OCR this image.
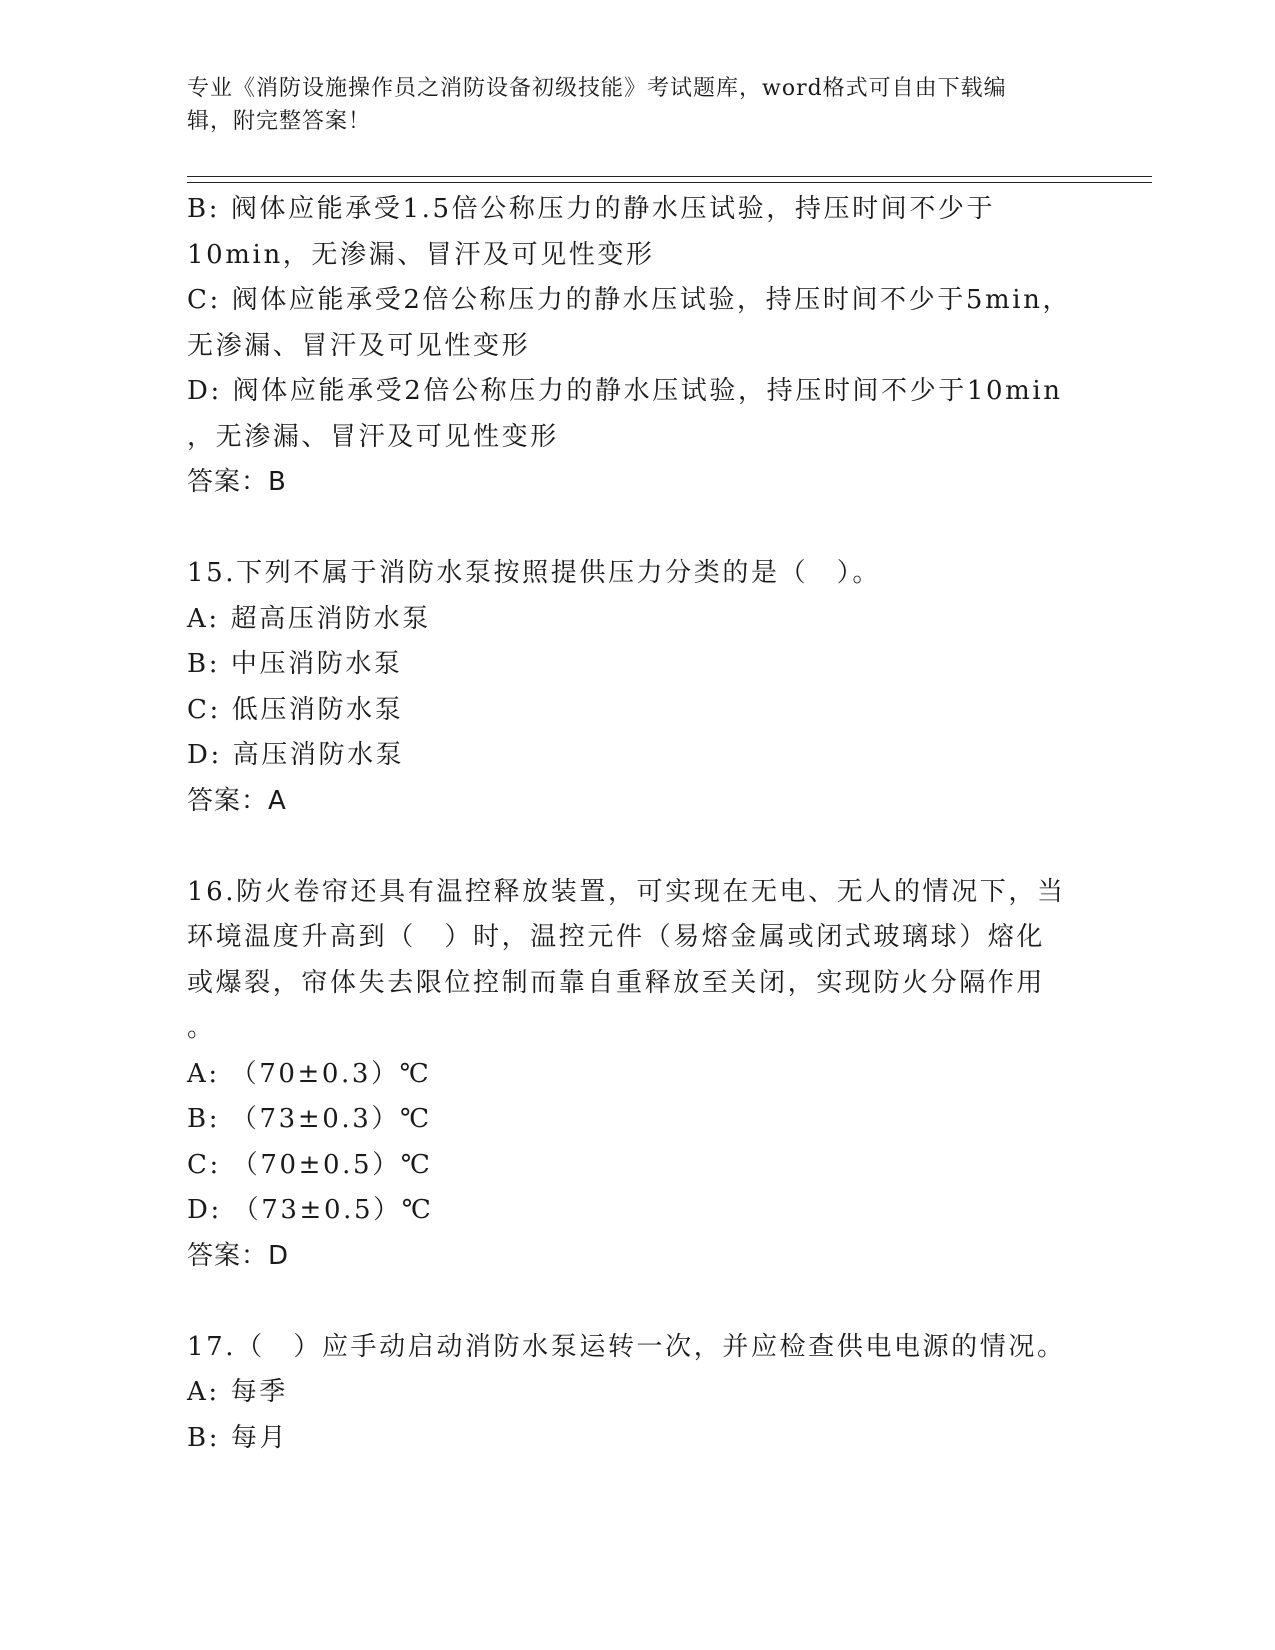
专业《消防设施操作员之消防设备初级技能》考试题库，word格式可自由下载编
辑，附完整答案！
B: 阀体应能承受1.5倍公称压力的静水压试验，持压时间不少于
10min，无渗漏、冒汗及可见性变形
C: 阀体应能承受2倍公称压力的静水压试验，持压时间不少于5min，
无渗漏、冒汗及可见性变形
D: 阀体应能承受2倍公称压力的静水压试验，持压时间不少于10min
，无渗漏、冒汗及可见性变形
答案：B
15.下列不属于消防水泵按照提供压力分类的是（　）。
A: 超高压消防水泵
B: 中压消防水泵
C: 低压消防水泵
D: 高压消防水泵
答案：A
16.防火卷帘还具有温控释放装置，可实现在无电、无人的情况下，当
环境温度升高到（　）时，温控元件（易熔金属或闭式玻璃球）熔化
或爆裂，帘体失去限位控制而靠自重释放至关闭，实现防火分隔作用
。
A: （70±0.3）℃
B: （73±0.3）℃
C: （70±0.5）℃
D: （73±0.5）℃
答案：D
17.（　）应手动启动消防水泵运转一次，并应检查供电电源的情况。
A: 每季
B: 每月
